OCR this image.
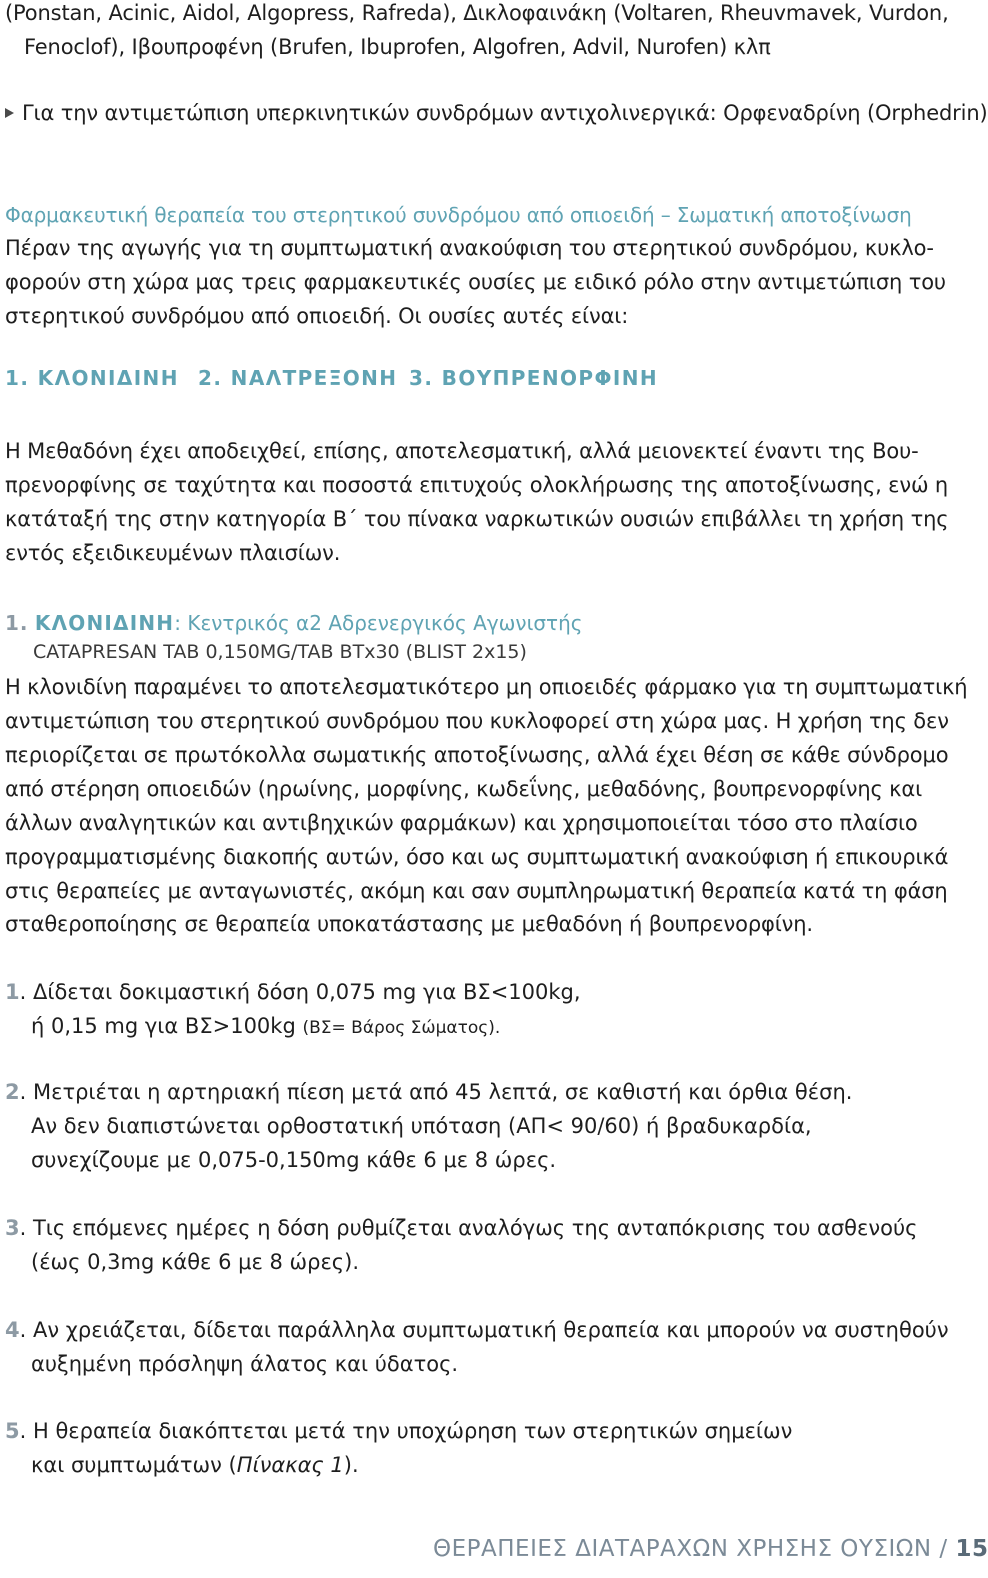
(Ponstan, Acinic, Aidol, Algopress, Rafreda), Δικλοφαινάκη (Voltaren, Rheuvmavek, Vurdon,
Fenoclof), Ιβουπροφένη (Brufen, Ibuprofen, Algofren, Advil, Nurofen) κλπ
Για την αντιμετώπιση υπερκινητικών συνδρόμων αντιχολινεργικά: Ορφεναδρίνη (Orphedrin)
Φαρμακευτική θεραπεία του στερητικού συνδρόμου από οπιοειδή – Σωματική αποτοξίνωση
Πέραν της αγωγής για τη συμπτωματική ανακούφιση του στερητικού συνδρόμου, κυκλο-
φορούν στη χώρα μας τρεις φαρμακευτικές ουσίες με ειδικό ρόλο στην αντιμετώπιση του
στερητικού συνδρόμου από οπιοειδή. Οι ουσίες αυτές είναι:
1. ΚΛΟΝΙΔΙΝΗ 2. ΝΑΛΤΡΕΞΟΝΗ 3. ΒΟΥΠΡΕΝΟΡΦΙΝΗ
Η Μεθαδόνη έχει αποδειχθεί, επίσης, αποτελεσματική, αλλά μειονεκτεί έναντι της Βου-
πρενορφίνης σε ταχύτητα και ποσοστά επιτυχούς ολοκλήρωσης της αποτοξίνωσης, ενώ η
κατάταξή της στην κατηγορία Β΄ του πίνακα ναρκωτικών ουσιών επιβάλλει τη χρήση της
εντός εξειδικευμένων πλαισίων.
1. ΚΛΟΝΙΔΙΝΗ: Κεντρικός α2 Αδρενεργικός Αγωνιστής
CATAPRESAN TAB 0,150MG/TAB BTx30 (BLIST 2x15)
Η κλονιδίνη παραμένει το αποτελεσματικότερο μη οπιοειδές φάρμακο για τη συμπτωματική
αντιμετώπιση του στερητικού συνδρόμου που κυκλοφορεί στη χώρα μας. Η χρήση της δεν
περιορίζεται σε πρωτόκολλα σωματικής αποτοξίνωσης, αλλά έχει θέση σε κάθε σύνδρομο
από στέρηση οπιοειδών (ηρωίνης, μορφίνης, κωδεΐνης, μεθαδόνης, βουπρενορφίνης και
άλλων αναλγητικών και αντιβηχικών φαρμάκων) και χρησιμοποιείται τόσο στο πλαίσιο
προγραμματισμένης διακοπής αυτών, όσο και ως συμπτωματική ανακούφιση ή επικουρικά
στις θεραπείες με ανταγωνιστές, ακόμη και σαν συμπληρωματική θεραπεία κατά τη φάση
σταθεροποίησης σε θεραπεία υποκατάστασης με μεθαδόνη ή βουπρενορφίνη.
1. Δίδεται δοκιμαστική δόση 0,075 mg για ΒΣ<100kg,
ή 0,15 mg για ΒΣ>100kg (ΒΣ= Βάρος Σώματος).
2. Μετριέται η αρτηριακή πίεση μετά από 45 λεπτά, σε καθιστή και όρθια θέση.
Αν δεν διαπιστώνεται ορθοστατική υπόταση (ΑΠ< 90/60) ή βραδυκαρδία,
συνεχίζουμε με 0,075-0,150mg κάθε 6 με 8 ώρες.
3. Τις επόμενες ημέρες η δόση ρυθμίζεται αναλόγως της ανταπόκρισης του ασθενούς
(έως 0,3mg κάθε 6 με 8 ώρες).
4. Αν χρειάζεται, δίδεται παράλληλα συμπτωματική θεραπεία και μπορούν να συστηθούν
αυξημένη πρόσληψη άλατος και ύδατος.
5. Η θεραπεία διακόπτεται μετά την υποχώρηση των στερητικών σημείων
και συμπτωμάτων (Πίνακας 1).
ΘΕΡΑΠΕΙΕΣ ΔΙΑΤΑΡΑΧΩΝ ΧΡΗΣΗΣ ΟΥΣΙΩΝ / 15
